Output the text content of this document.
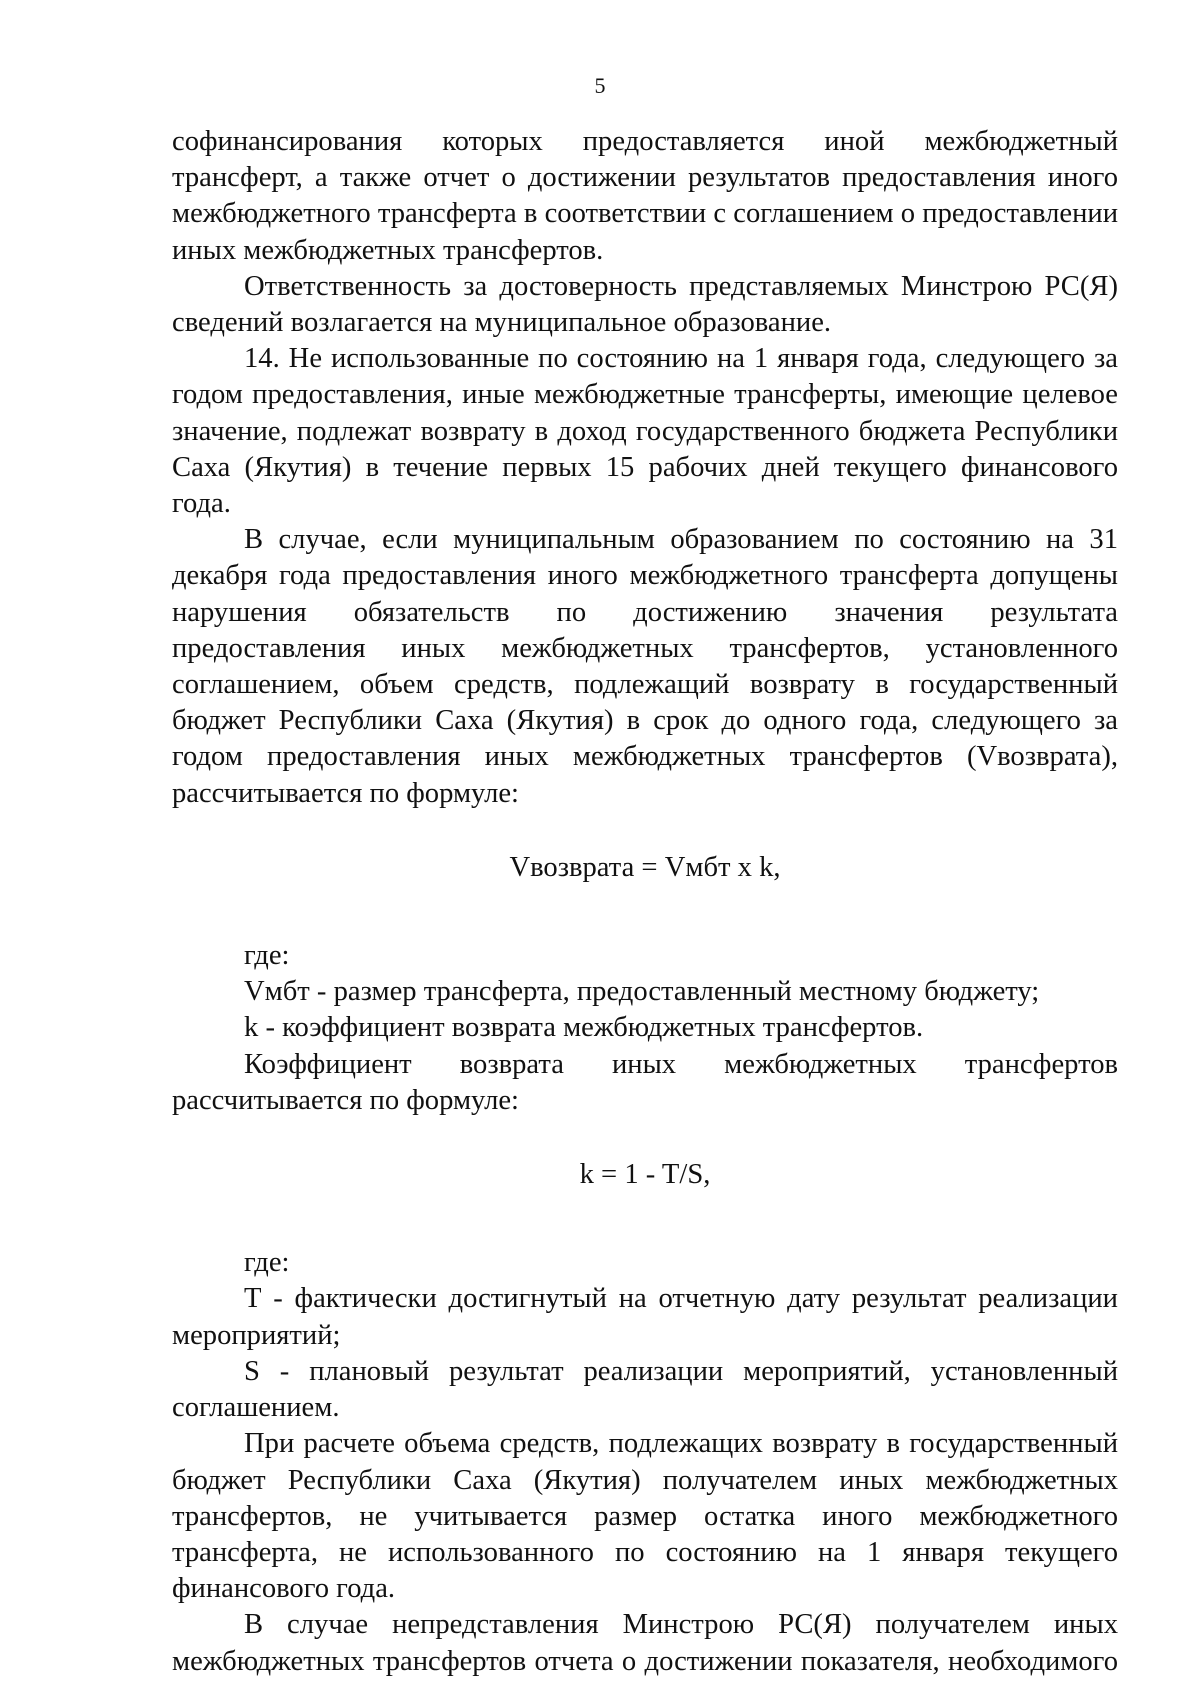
5

софинансирования которых предоставляется иной межбюджетный трансферт, а также отчет о достижении результатов предоставления иного межбюджетного трансферта в соответствии с соглашением о предоставлении иных межбюджетных трансфертов.

Ответственность за достоверность представляемых Минстрою РС(Я) сведений возлагается на муниципальное образование.

14. Не использованные по состоянию на 1 января года, следующего за годом предоставления, иные межбюджетные трансферты, имеющие целевое значение, подлежат возврату в доход государственного бюджета Республики Саха (Якутия) в течение первых 15 рабочих дней текущего финансового года.

В случае, если муниципальным образованием по состоянию на 31 декабря года предоставления иного межбюджетного трансферта допущены нарушения обязательств по достижению значения результата предоставления иных межбюджетных трансфертов, установленного соглашением, объем средств, подлежащий возврату в государственный бюджет Республики Саха (Якутия) в срок до одного года, следующего за годом предоставления иных межбюджетных трансфертов (Vвозврата), рассчитывается по формуле:

Vвозврата = Vмбт x k,

где:

Vмбт - размер трансферта, предоставленный местному бюджету;

k - коэффициент возврата межбюджетных трансфертов.

Коэффициент возврата иных межбюджетных трансфертов рассчитывается по формуле:

k = 1 - T/S,

где:

Т - фактически достигнутый на отчетную дату результат реализации мероприятий;

S - плановый результат реализации мероприятий, установленный соглашением.

При расчете объема средств, подлежащих возврату в государственный бюджет Республики Саха (Якутия) получателем иных межбюджетных трансфертов, не учитывается размер остатка иного межбюджетного трансферта, не использованного по состоянию на 1 января текущего финансового года.

В случае непредставления Минстрою РС(Я) получателем иных межбюджетных трансфертов отчета о достижении показателя, необходимого
